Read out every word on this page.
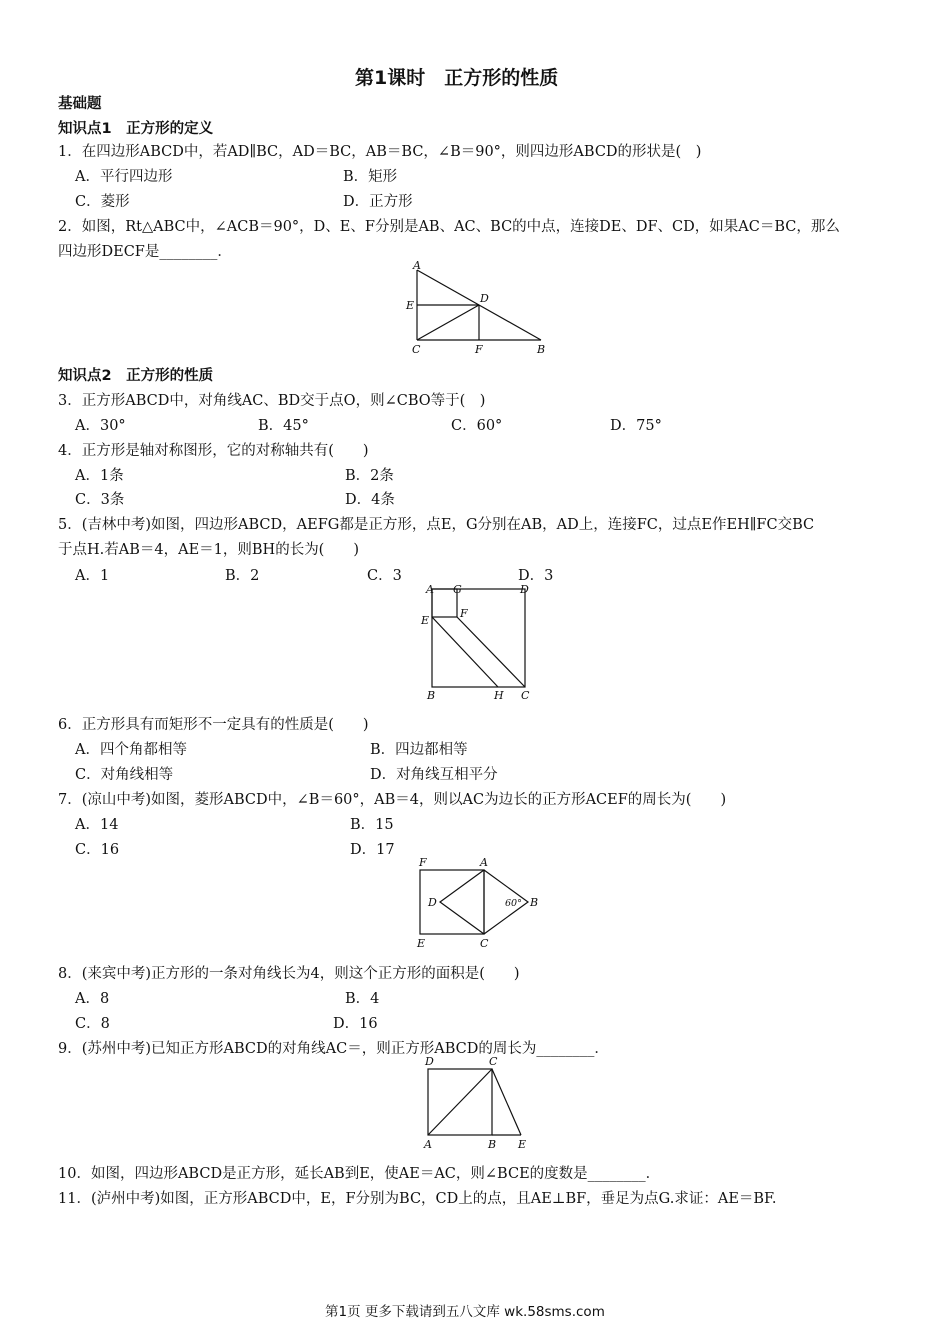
第1课时　正方形的性质
基础题
知识点1　正方形的定义
1．在四边形ABCD中，若AD∥BC，AD＝BC，AB＝BC，∠B＝90°，则四边形ABCD的形状是(　)
A．平行四边形	B．矩形
C．菱形	D．正方形
2．如图，Rt△ABC中，∠ACB＝90°，D、E、F分别是AB、AC、BC的中点，连接DE、DF、CD，如果AC＝BC，那么
四边形DECF是________．
A
E
D
C	F	B
知识点2　正方形的性质
3．正方形ABCD中，对角线AC、BD交于点O，则∠CBO等于(　)
A．30°	B．45°	C．60°	D．75°
4．正方形是轴对称图形，它的对称轴共有(　　)
A．1条	B．2条
C．3条	D．4条
5．(吉林中考)如图，四边形ABCD，AEFG都是正方形，点E，G分别在AB，AD上，连接FC，过点E作EH∥FC交BC
于点H.若AB＝4，AE＝1，则BH的长为(　　)
A．1	B．2	C．3	D．3
A G	D
F
E
B	H C
6．正方形具有而矩形不一定具有的性质是(　　)
A．四个角都相等	B．四边都相等
C．对角线相等	D．对角线互相平分
7．(凉山中考)如图，菱形ABCD中，∠B＝60°，AB＝4，则以AC为边长的正方形ACEF的周长为(　　)
A．14	B．15
C．16	D．17
F	A
D	60° B
E	C
8．(来宾中考)正方形的一条对角线长为4，则这个正方形的面积是(　　)
A．8	B．4
C．8	D．16
9．(苏州中考)已知正方形ABCD的对角线AC＝，则正方形ABCD的周长为________．
D	C
A	B E
10．如图，四边形ABCD是正方形，延长AB到E，使AE＝AC，则∠BCE的度数是________．
11．(泸州中考)如图，正方形ABCD中，E，F分别为BC，CD上的点，且AE⊥BF，垂足为点G.求证：AE＝BF.
第1页 更多下载请到五八文库 wk.58sms.com
